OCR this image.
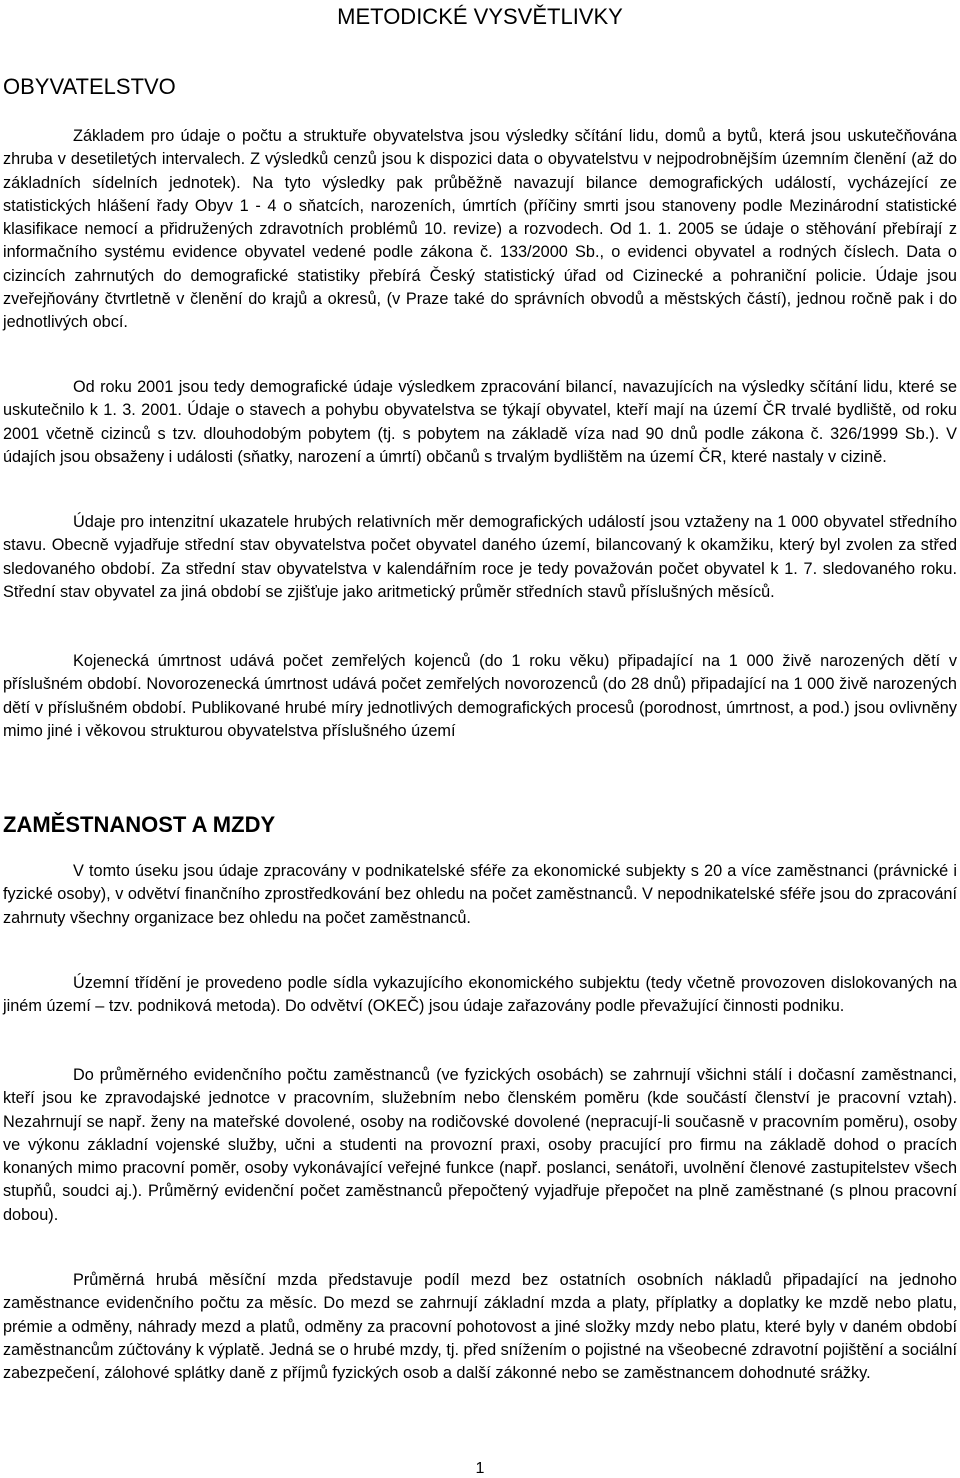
METODICKÉ VYSVĚTLIVKY
OBYVATELSTVO

Základem pro údaje o počtu a struktuře obyvatelstva jsou výsledky sčítání lidu, domů a bytů, která jsou uskutečňována zhruba v desetiletých intervalech. Z výsledků cenzů jsou k dispozici data o obyvatelstvu v nejpodrobnějším územním členění (až do základních sídelních jednotek). Na tyto výsledky pak průběžně navazují bilance demografických událostí, vycházející ze statistických hlášení řady Obyv 1 - 4 o sňatcích, narozeních, úmrtích (příčiny smrti jsou stanoveny podle Mezinárodní statistické klasifikace nemocí a přidružených zdravotních problémů 10. revize) a rozvodech. Od 1. 1. 2005 se údaje o stěhování přebírají z informačního systému evidence obyvatel vedené podle zákona č. 133/2000 Sb., o evidenci obyvatel a rodných číslech. Data o cizincích zahrnutých do demografické statistiky přebírá Český statistický úřad od Cizinecké a pohraniční policie. Údaje jsou zveřejňovány čtvrtletně v členění do krajů a okresů, (v Praze také do správních obvodů a městských částí), jednou ročně pak i do jednotlivých obcí.

Od roku 2001 jsou tedy demografické údaje výsledkem zpracování bilancí, navazujících na výsledky sčítání lidu, které se uskutečnilo k 1. 3. 2001. Údaje o stavech a pohybu obyvatelstva se týkají obyvatel, kteří mají na území ČR trvalé bydliště, od roku 2001 včetně cizinců s tzv. dlouhodobým pobytem (tj. s pobytem na základě víza nad 90 dnů podle zákona č. 326/1999 Sb.). V údajích jsou obsaženy i události (sňatky, narození a úmrtí) občanů s trvalým bydlištěm na území ČR, které nastaly v cizině.

Údaje pro intenzitní ukazatele hrubých relativních měr demografických událostí jsou vztaženy na 1 000 obyvatel středního stavu. Obecně vyjadřuje střední stav obyvatelstva počet obyvatel daného území, bilancovaný k okamžiku, který byl zvolen za střed sledovaného období. Za střední stav obyvatelstva v kalendářním roce je tedy považován počet obyvatel k 1. 7. sledovaného roku. Střední stav obyvatel za jiná období se zjišťuje jako aritmetický průměr středních stavů příslušných měsíců.

Kojenecká úmrtnost udává počet zemřelých kojenců (do 1 roku věku) připadající na 1 000 živě narozených dětí v příslušném období. Novorozenecká úmrtnost udává počet zemřelých novorozenců (do 28 dnů) připadající na 1 000 živě narozených dětí v příslušném období. Publikované hrubé míry jednotlivých demografických procesů (porodnost, úmrtnost, a pod.) jsou ovlivněny mimo jiné i věkovou strukturou obyvatelstva příslušného území

ZAMĚSTNANOST A MZDY

V tomto úseku jsou údaje zpracovány v podnikatelské sféře za ekonomické subjekty s 20 a více zaměstnanci (právnické i fyzické osoby), v odvětví finančního zprostředkování bez ohledu na počet zaměstnanců. V nepodnikatelské sféře jsou do zpracování zahrnuty všechny organizace bez ohledu na počet zaměstnanců.

Územní třídění je provedeno podle sídla vykazujícího ekonomického subjektu (tedy včetně provozoven dislokovaných na jiném území – tzv. podniková metoda). Do odvětví (OKEČ) jsou údaje zařazovány podle převažující činnosti podniku.

Do průměrného evidenčního počtu zaměstnanců (ve fyzických osobách) se zahrnují všichni stálí i dočasní zaměstnanci, kteří jsou ke zpravodajské jednotce v pracovním, služebním nebo členském poměru (kde součástí členství je pracovní vztah). Nezahrnují se např. ženy na mateřské dovolené, osoby na rodičovské dovolené (nepracují-li současně v pracovním poměru), osoby ve výkonu základní vojenské služby, učni a studenti na provozní praxi, osoby pracující pro firmu na základě dohod o pracích konaných mimo pracovní poměr, osoby vykonávající veřejné funkce (např. poslanci, senátoři, uvolnění členové zastupitelstev všech stupňů, soudci aj.). Průměrný evidenční počet zaměstnanců přepočtený vyjadřuje přepočet na plně zaměstnané (s plnou pracovní dobou).

Průměrná hrubá měsíční mzda představuje podíl mezd bez ostatních osobních nákladů připadající na jednoho zaměstnance evidenčního počtu za měsíc. Do mezd se zahrnují základní mzda a platy, příplatky a doplatky ke mzdě nebo platu, prémie a odměny, náhrady mezd a platů, odměny za pracovní pohotovost a jiné složky mzdy nebo platu, které byly v daném období zaměstnancům zúčtovány k výplatě. Jedná se o hrubé mzdy, tj. před snížením o pojistné na všeobecné zdravotní pojištění a sociální zabezpečení, zálohové splátky daně z příjmů fyzických osob a další zákonné nebo se zaměstnancem dohodnuté srážky.

1
